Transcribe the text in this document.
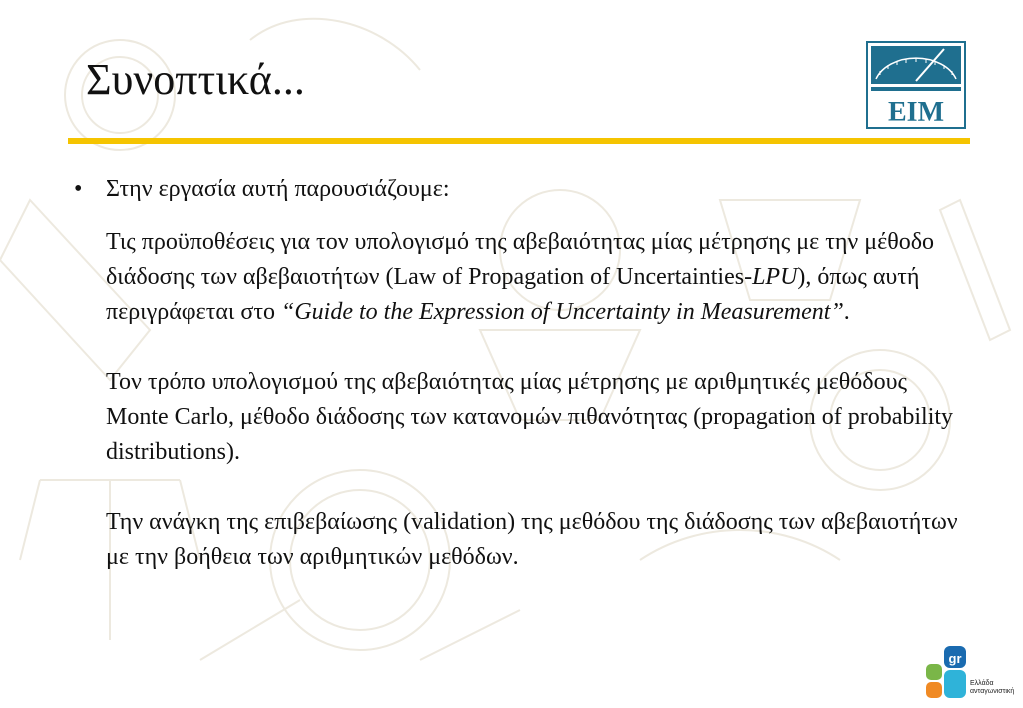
Συνοπτικά...
ΕΙΜ
• Στην εργασία αυτή παρουσιάζουμε:

Τις προϋποθέσεις για τον υπολογισμό της αβεβαιότητας μίας μέτρησης με την μέθοδο διάδοσης των αβεβαιοτήτων (Law of Propagation of Uncertainties-LPU), όπως αυτή περιγράφεται στο “Guide to the Expression of Uncertainty in Measurement”.

Τον τρόπο υπολογισμού της αβεβαιότητας μίας μέτρησης με αριθμητικές μεθόδους Monte Carlo, μέθοδο διάδοσης των κατανομών πιθανότητας (propagation of probability distributions).

Την ανάγκη της επιβεβαίωσης (validation) της μεθόδου της διάδοσης των αβεβαιοτήτων με την βοήθεια των αριθμητικών μεθόδων.

gr
Ελλάδα
ανταγωνιστική
